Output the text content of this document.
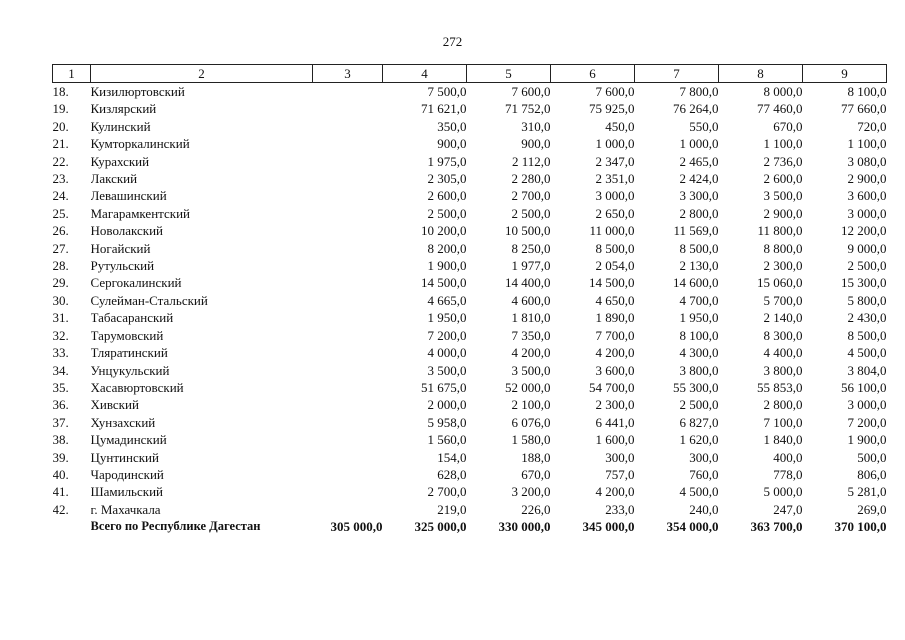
272
1	2	3	4	5	6	7	8	9
18.	Кизилюртовский		7 500,0	7 600,0	7 600,0	7 800,0	8 000,0	8 100,0
19.	Кизлярский		71 621,0	71 752,0	75 925,0	76 264,0	77 460,0	77 660,0
20.	Кулинский		350,0	310,0	450,0	550,0	670,0	720,0
21.	Кумторкалинский		900,0	900,0	1 000,0	1 000,0	1 100,0	1 100,0
22.	Курахский		1 975,0	2 112,0	2 347,0	2 465,0	2 736,0	3 080,0
23.	Лакский		2 305,0	2 280,0	2 351,0	2 424,0	2 600,0	2 900,0
24.	Левашинский		2 600,0	2 700,0	3 000,0	3 300,0	3 500,0	3 600,0
25.	Магарамкентский		2 500,0	2 500,0	2 650,0	2 800,0	2 900,0	3 000,0
26.	Новолакский		10 200,0	10 500,0	11 000,0	11 569,0	11 800,0	12 200,0
27.	Ногайский		8 200,0	8 250,0	8 500,0	8 500,0	8 800,0	9 000,0
28.	Рутульский		1 900,0	1 977,0	2 054,0	2 130,0	2 300,0	2 500,0
29.	Сергокалинский		14 500,0	14 400,0	14 500,0	14 600,0	15 060,0	15 300,0
30.	Сулейман-Стальский		4 665,0	4 600,0	4 650,0	4 700,0	5 700,0	5 800,0
31.	Табасаранский		1 950,0	1 810,0	1 890,0	1 950,0	2 140,0	2 430,0
32.	Тарумовский		7 200,0	7 350,0	7 700,0	8 100,0	8 300,0	8 500,0
33.	Тляратинский		4 000,0	4 200,0	4 200,0	4 300,0	4 400,0	4 500,0
34.	Унцукульский		3 500,0	3 500,0	3 600,0	3 800,0	3 800,0	3 804,0
35.	Хасавюртовский		51 675,0	52 000,0	54 700,0	55 300,0	55 853,0	56 100,0
36.	Хивский		2 000,0	2 100,0	2 300,0	2 500,0	2 800,0	3 000,0
37.	Хунзахский		5 958,0	6 076,0	6 441,0	6 827,0	7 100,0	7 200,0
38.	Цумадинский		1 560,0	1 580,0	1 600,0	1 620,0	1 840,0	1 900,0
39.	Цунтинский		154,0	188,0	300,0	300,0	400,0	500,0
40.	Чародинский		628,0	670,0	757,0	760,0	778,0	806,0
41.	Шамильский		2 700,0	3 200,0	4 200,0	4 500,0	5 000,0	5 281,0
42.	г. Махачкала		219,0	226,0	233,0	240,0	247,0	269,0
	Всего по Республике Дагестан	305 000,0	325 000,0	330 000,0	345 000,0	354 000,0	363 700,0	370 100,0
